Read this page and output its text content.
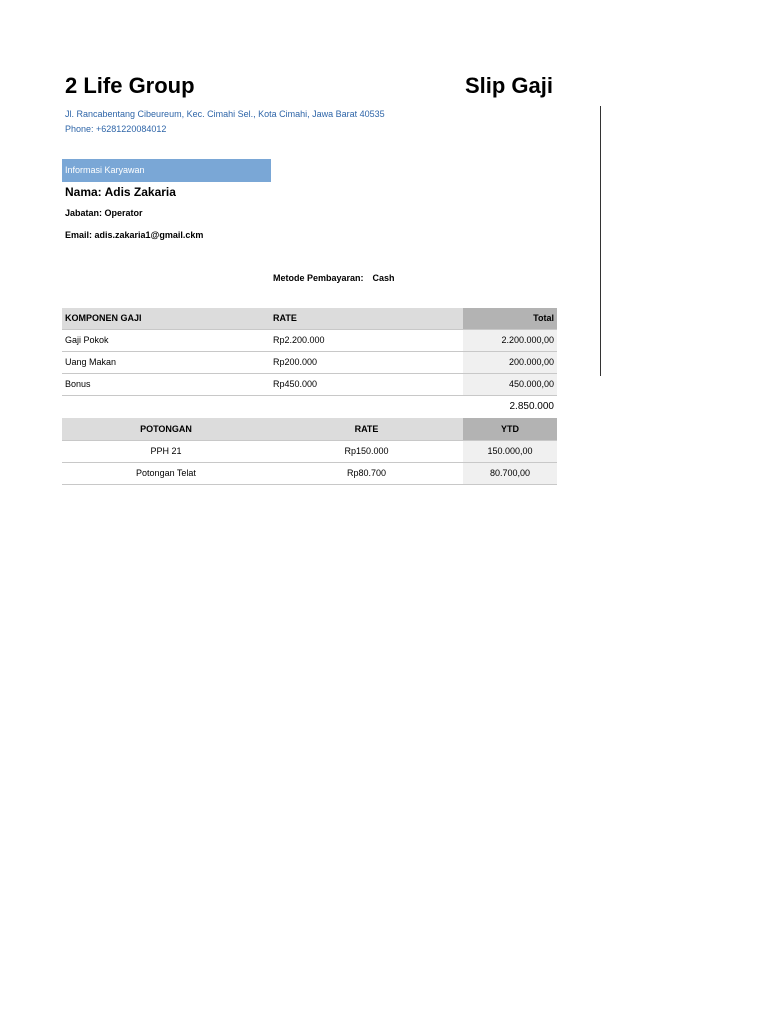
2 Life Group	Slip Gaji
Jl. Rancabentang Cibeureum, Kec. Cimahi Sel., Kota Cimahi, Jawa Barat 40535
Phone: +6281220084012
Informasi Karyawan
Nama: Adis Zakaria
Jabatan: Operator
Email: adis.zakaria1@gmail.ckm
Metode Pembayaran: Cash
KOMPONEN GAJI	RATE	Total
Gaji Pokok	Rp2.200.000	2.200.000,00
Uang Makan	Rp200.000	200.000,00
Bonus	Rp450.000	450.000,00
2.850.000
POTONGAN	RATE	YTD
PPH 21	Rp150.000	150.000,00
Potongan Telat	Rp80.700	80.700,00
